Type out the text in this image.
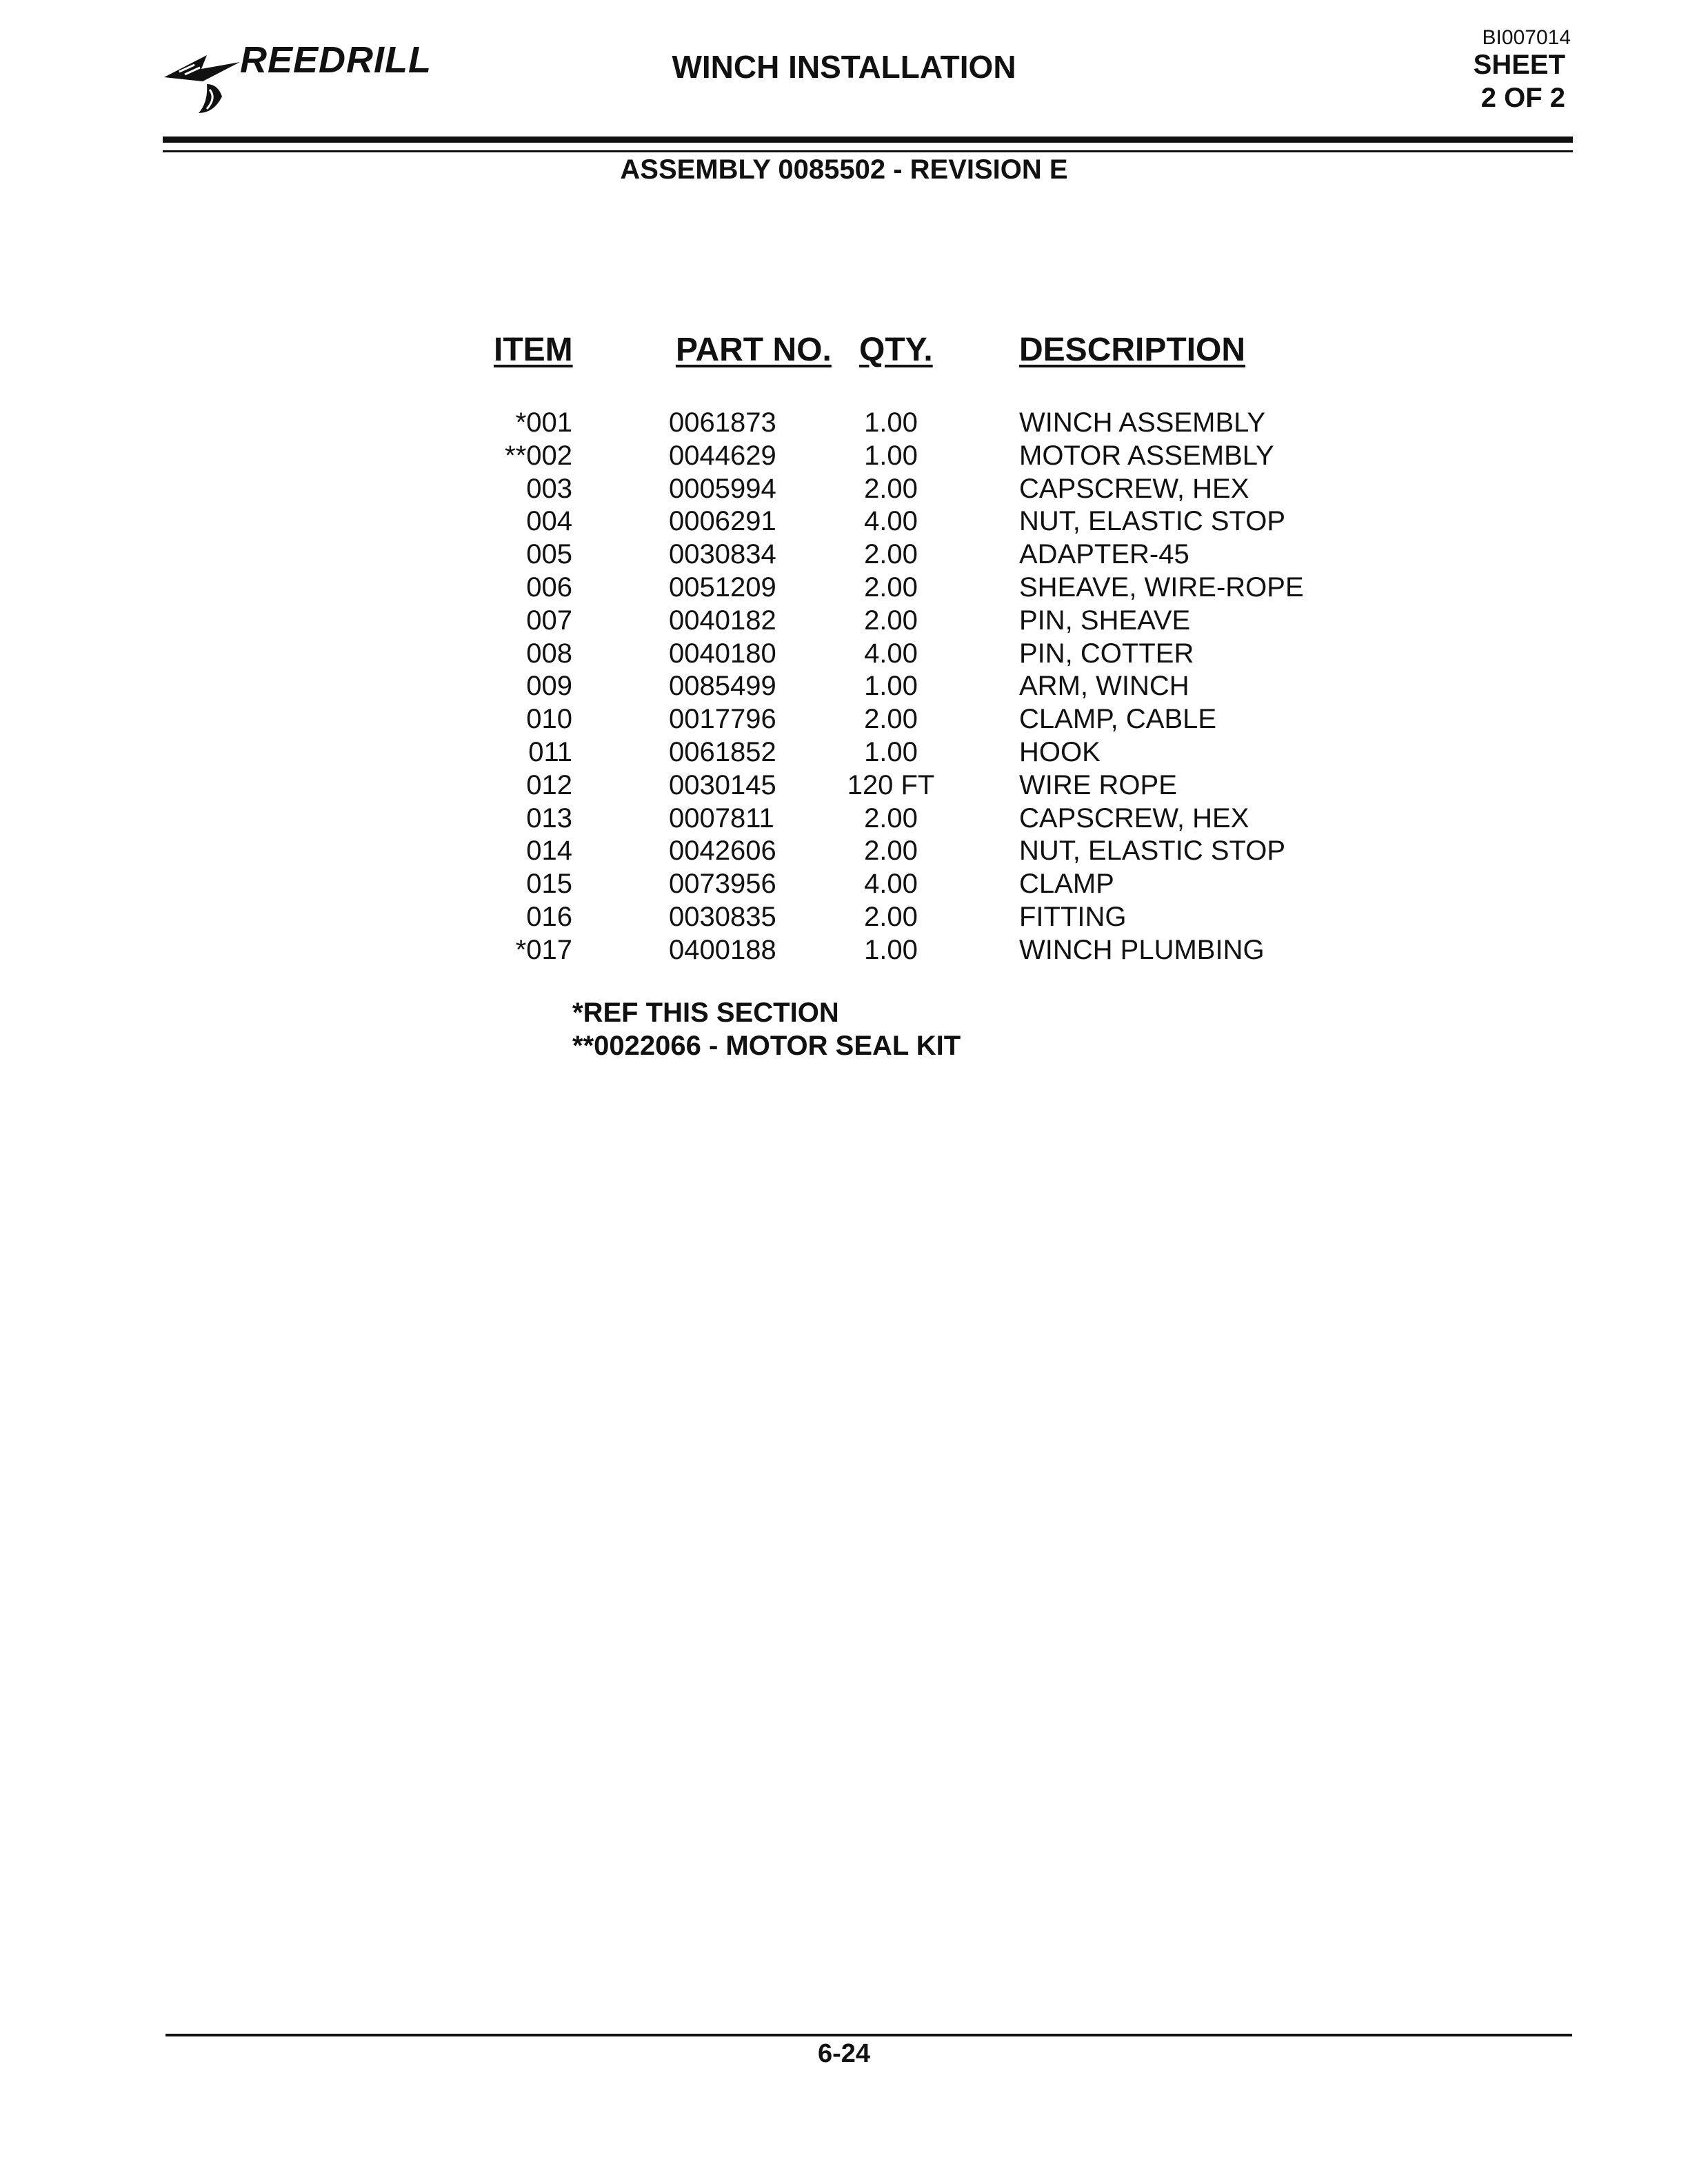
REEDRILL	WINCH INSTALLATION
BI007014
SHEET
2 OF 2
ASSEMBLY 0085502 - REVISION E
ITEM	PART NO. QTY.	DESCRIPTION
*001	0061873	1.00	WINCH ASSEMBLY
**002	0044629	1.00	MOTOR ASSEMBLY
003	0005994	2.00	CAPSCREW, HEX
004	0006291	4.00	NUT, ELASTIC STOP
005	0030834	2.00	ADAPTER-45
006	0051209	2.00	SHEAVE, WIRE-ROPE
007	0040182	2.00	PIN, SHEAVE
008	0040180	4.00	PIN, COTTER
009	0085499	1.00	ARM, WINCH
010	0017796	2.00	CLAMP, CABLE
011	0061852	1.00	HOOK
012	0030145	120 FT	WIRE ROPE
013	0007811	2.00	CAPSCREW, HEX
014	0042606	2.00	NUT, ELASTIC STOP
015	0073956	4.00	CLAMP
016	0030835	2.00	FITTING
*017	0400188	1.00	WINCH PLUMBING
*REF THIS SECTION
**0022066 - MOTOR SEAL KIT
6-24
